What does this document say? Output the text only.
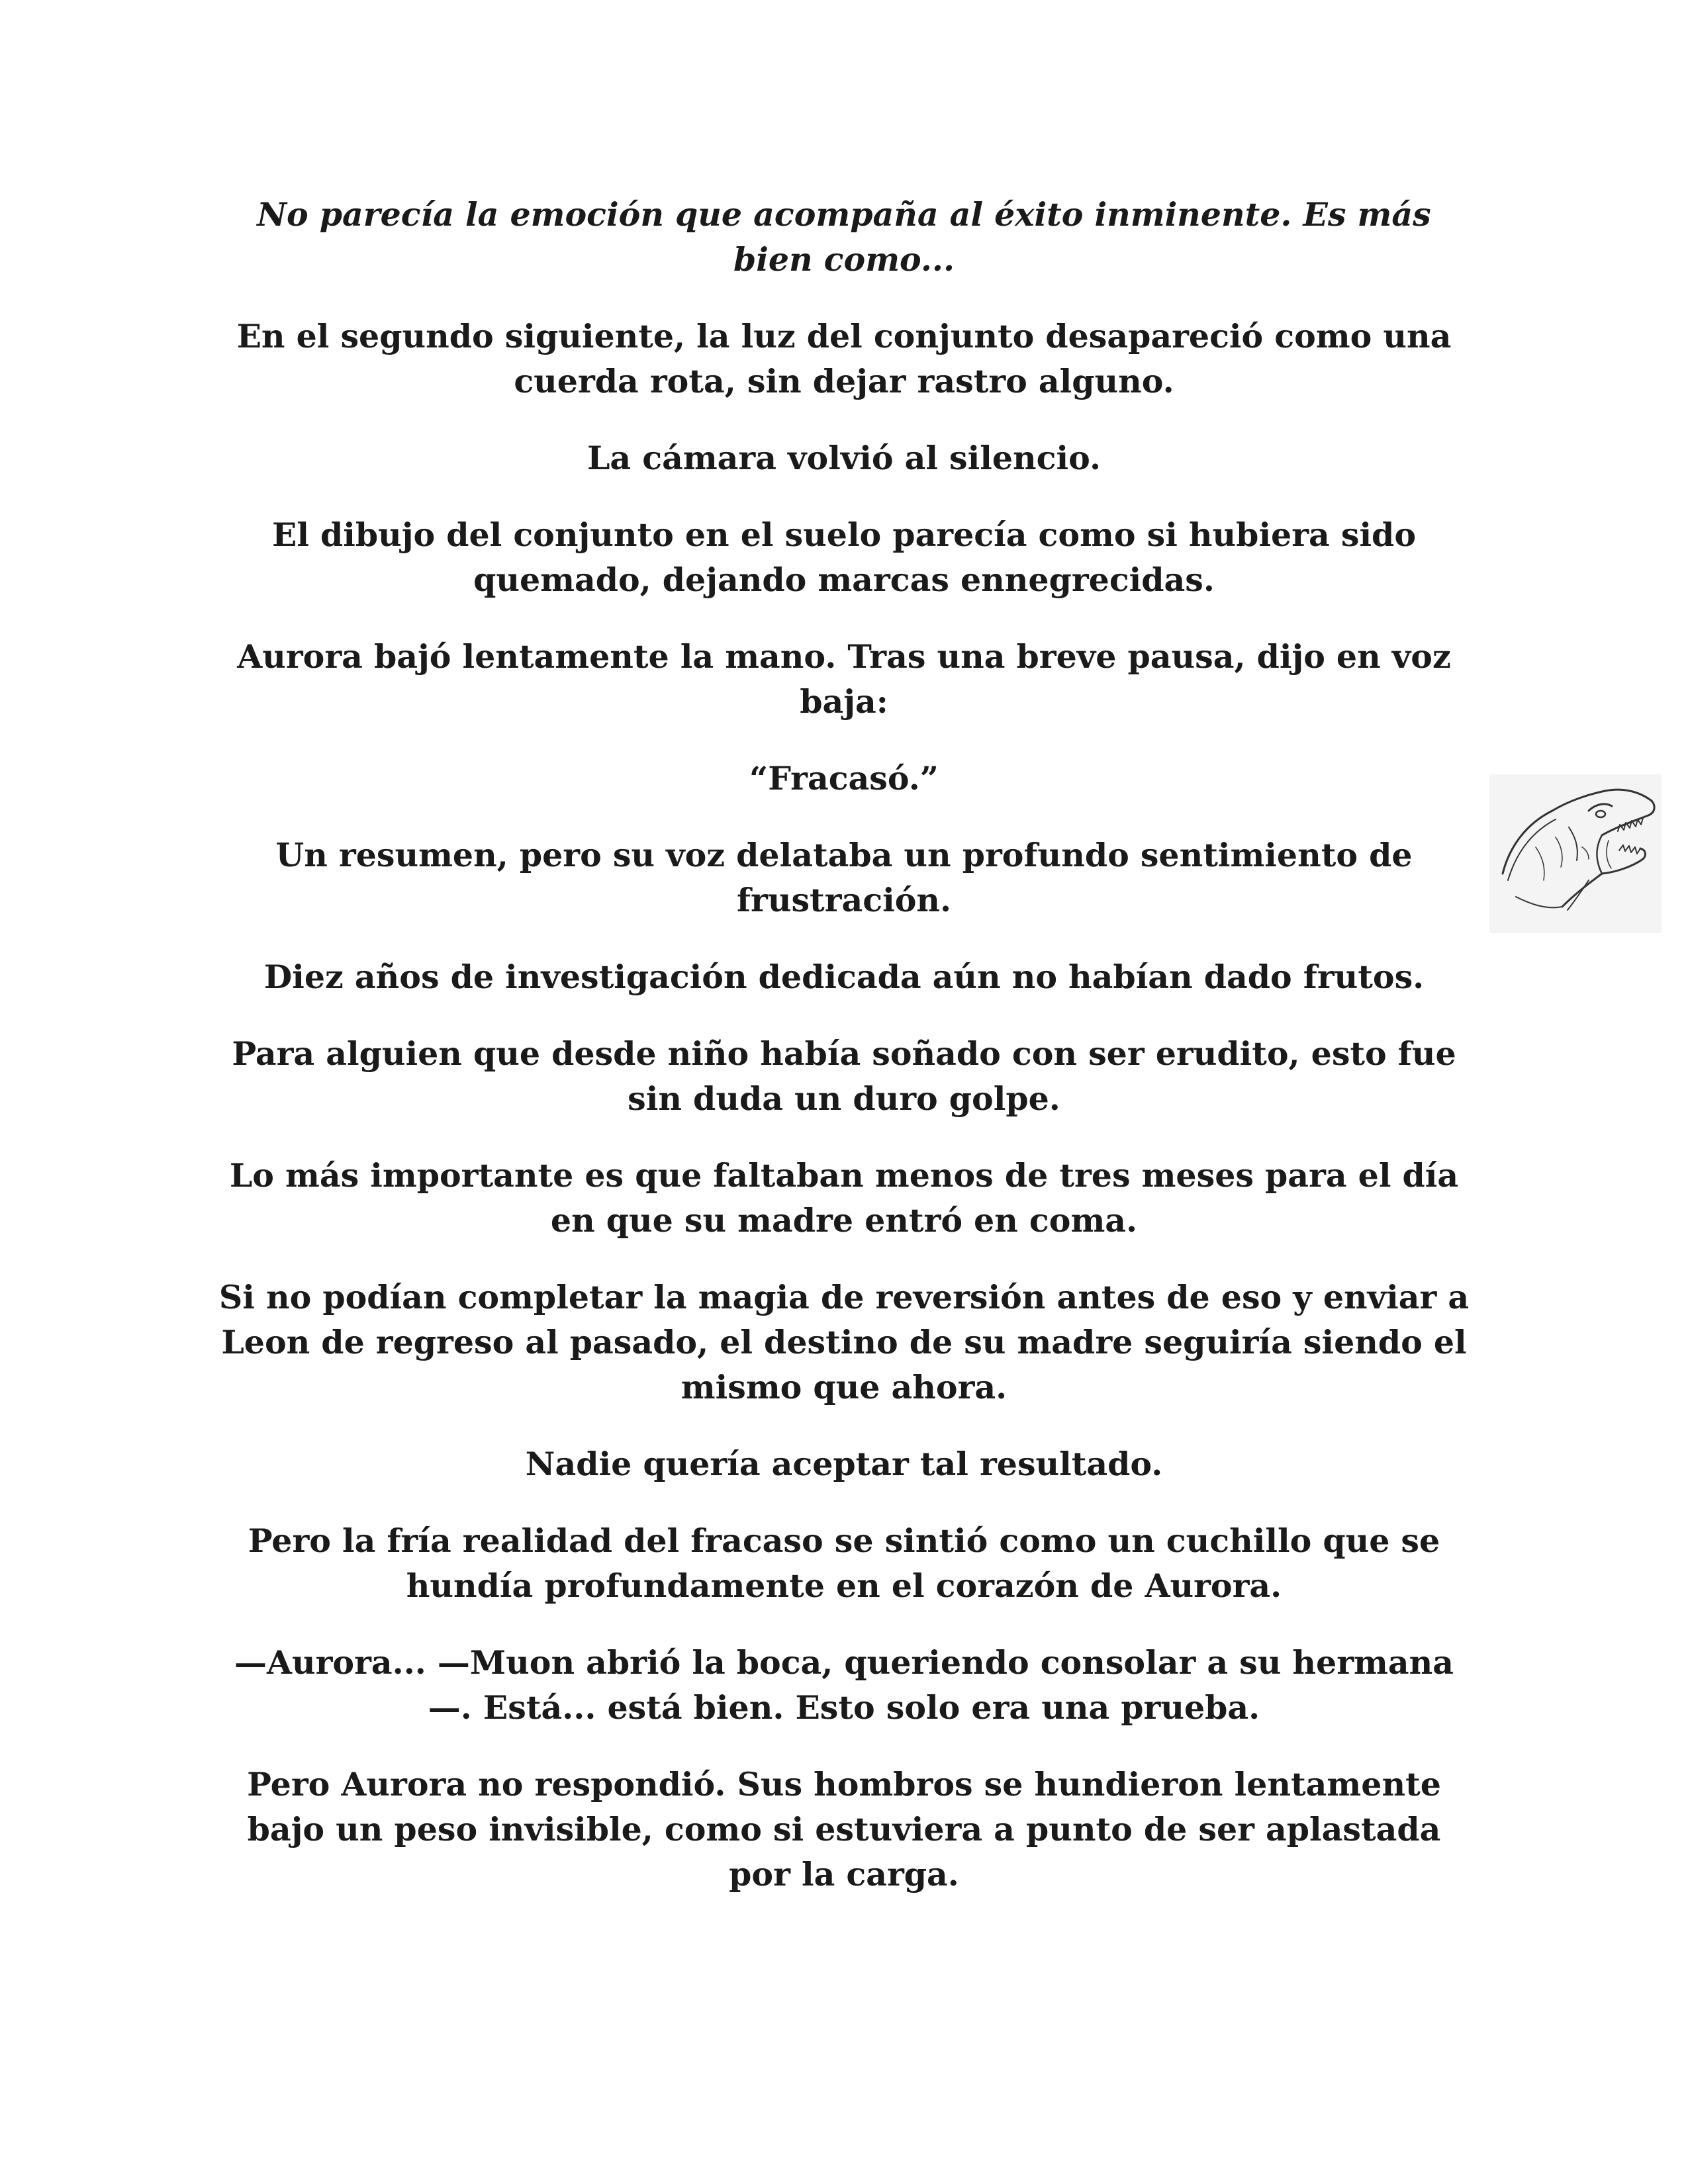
No parecía la emoción que acompaña al éxito inminente. Es más bien como...

En el segundo siguiente, la luz del conjunto desapareció como una cuerda rota, sin dejar rastro alguno.

La cámara volvió al silencio.

El dibujo del conjunto en el suelo parecía como si hubiera sido quemado, dejando marcas ennegrecidas.

Aurora bajó lentamente la mano. Tras una breve pausa, dijo en voz baja:

“Fracasó.”

Un resumen, pero su voz delataba un profundo sentimiento de frustración.

Diez años de investigación dedicada aún no habían dado frutos.

Para alguien que desde niño había soñado con ser erudito, esto fue sin duda un duro golpe.

Lo más importante es que faltaban menos de tres meses para el día en que su madre entró en coma.

Si no podían completar la magia de reversión antes de eso y enviar a Leon de regreso al pasado, el destino de su madre seguiría siendo el mismo que ahora.

Nadie quería aceptar tal resultado.

Pero la fría realidad del fracaso se sintió como un cuchillo que se hundía profundamente en el corazón de Aurora.

—Aurora... —Muon abrió la boca, queriendo consolar a su hermana—. Está... está bien. Esto solo era una prueba.

Pero Aurora no respondió. Sus hombros se hundieron lentamente bajo un peso invisible, como si estuviera a punto de ser aplastada por la carga.
